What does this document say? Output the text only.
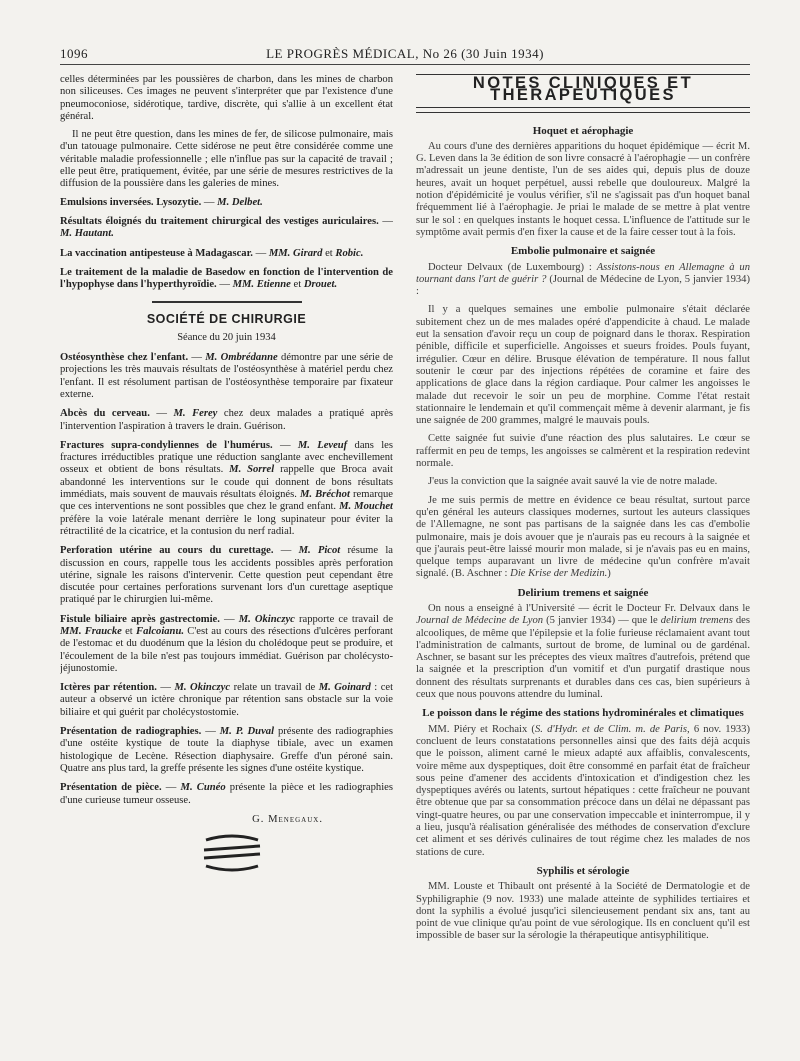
1096	LE PROGRÈS MÉDICAL, No 26 (30 Juin 1934)

celles déterminées par les poussières de charbon, dans les mines de charbon non siliceuses. Ces images ne peuvent s'interpréter que par l'existence d'une pneumoconiose, sidérotique, tardive, discrète, qui s'allie à un excellent état général.

Il ne peut être question, dans les mines de fer, de silicose pulmonaire, mais d'un tatouage pulmonaire. Cette sidérose ne peut être considérée comme une véritable maladie professionnelle ; elle n'influe pas sur la capacité de travail ; elle peut être, pratiquement, évitée, par une série de mesures restrictives de la diffusion de la poussière dans les galeries de mines.

Emulsions inversées. Lysozytie. — M. Delbet.

Résultats éloignés du traitement chirurgical des vestiges auriculaires. — M. Hautant.

La vaccination antipesteuse à Madagascar. — MM. Girard et Robic.

Le traitement de la maladie de Basedow en fonction de l'intervention de l'hypophyse dans l'hyperthyroïdie. — MM. Etienne et Drouet.

SOCIÉTÉ DE CHIRURGIE
Séance du 20 juin 1934

Ostéosynthèse chez l'enfant. — M. Ombrédanne démontre par une série de projections les très mauvais résultats de l'ostéosynthèse à matériel perdu chez l'enfant. Il est résolument partisan de l'ostéosynthèse temporaire par fixateur externe.

Abcès du cerveau. — M. Ferey chez deux malades a pratiqué après l'intervention l'aspiration à travers le drain. Guérison.

Fractures supra-condyliennes de l'humérus. — M. Leveuf dans les fractures irréductibles pratique une réduction sanglante avec enchevillement osseux et obtient de bons résultats. M. Sorrel rappelle que Broca avait abandonné les interventions sur le coude qui donnent de bons résultats immédiats, mais souvent de mauvais résultats éloignés. M. Bréchot remarque que ces interventions ne sont possibles que chez le grand enfant. M. Mouchet préfère la voie latérale menant derrière le long supinateur pour éviter la rétractilité de la cicatrice, et la contusion du nerf radial.

Perforation utérine au cours du curettage. — M. Picot résume la discussion en cours, rappelle tous les accidents possibles après perforation utérine, signale les raisons d'intervenir. Cette question peut cependant être discutée pour certaines perforations survenant lors d'un curettage aseptique pratiqué par le chirurgien lui-même.

Fistule biliaire après gastrectomie. — M. Okinczyc rapporte ce travail de MM. Fraucke et Falcoianu. C'est au cours des résections d'ulcères perforant de l'estomac et du duodénum que la lésion du cholédoque peut se produire, et l'écoulement de la bile n'est pas toujours immédiat. Guérison par cholécysto-jéjunostomie.

Ictères par rétention. — M. Okinczyc relate un travail de M. Goinard : cet auteur a observé un ictère chronique par rétention sans obstacle sur la voie biliaire et qui guérit par cholécystostomie.

Présentation de radiographies. — M. P. Duval présente des radiographies d'une ostéite kystique de toute la diaphyse tibiale, avec un examen histologique de Lecène. Résection diaphysaire. Greffe d'un péroné sain. Quatre ans plus tard, la greffe présente les signes d'une ostéite kystique.

Présentation de pièce. — M. Cunéo présente la pièce et les radiographies d'une curieuse tumeur osseuse.

G. Menegaux.
NOTES CLINIQUES ET THÉRAPEUTIQUES
Hoquet et aérophagie

Au cours d'une des dernières apparitions du hoquet épidémique — écrit M. G. Leven dans la 3e édition de son livre consacré à l'aérophagie — un confrère m'adressait un jeune dentiste, l'un de ses aides qui, depuis plus de douze heures, avait un hoquet perpétuel, aussi rebelle que douloureux. Malgré la notion d'épidémicité je voulus vérifier, s'il ne s'agissait pas d'un hoquet banal fréquemment lié à l'aérophagie. Je priai le malade de se mettre à plat ventre sur le sol : en quelques instants le hoquet cessa. L'influence de l'attitude sur le symptôme avait permis d'en fixer la cause et de la faire cesser tout à la fois.

Embolie pulmonaire et saignée

Docteur Delvaux (de Luxembourg) : Assistons-nous en Allemagne à un tournant dans l'art de guérir ? (Journal de Médecine de Lyon, 5 janvier 1934) :

Il y a quelques semaines une embolie pulmonaire s'était déclarée subitement chez un de mes malades opéré d'appendicite à chaud. Le malade eut la sensation d'avoir reçu un coup de poignard dans le thorax. Respiration pénible, difficile et superficielle. Angoisses et sueurs froides. Pouls fuyant, irrégulier. Cœur en délire. Brusque élévation de température. Il nous fallut soutenir le cœur par des injections répétées de coramine et faire des applications de glace dans la région cardiaque. Pour calmer les angoisses le malade dut recevoir le soir un peu de morphine. Comme l'état restait stationnaire le lendemain et qu'il commençait même à devenir alarmant, je fis une saignée de 200 grammes, malgré le mauvais pouls.

Cette saignée fut suivie d'une réaction des plus salutaires. Le cœur se raffermit en peu de temps, les angoisses se calmèrent et la respiration redevint normale.

J'eus la conviction que la saignée avait sauvé la vie de notre malade.

Je me suis permis de mettre en évidence ce beau résultat, surtout parce qu'en général les auteurs classiques modernes, surtout les auteurs classiques de l'Allemagne, ne sont pas partisans de la saignée dans les cas d'embolie pulmonaire, mais je dois avouer que je n'aurais pas eu recours à la saignée et que j'aurais peut-être laissé mourir mon malade, si je n'avais pas eu en mains, quelque temps auparavant un livre de médecine qu'un confrère m'avait signalé. (B. Aschner : Die Krise der Medizin.)

Delirium tremens et saignée

On nous a enseigné à l'Université — écrit le Docteur Fr. Delvaux dans le Journal de Médecine de Lyon (5 janvier 1934) — que le delirium tremens des alcooliques, de même que l'épilepsie et la folie furieuse réclamaient avant tout l'administration de calmants, surtout de brome, de luminal ou de gardénal. Aschner, se basant sur les préceptes des vieux maîtres d'autrefois, prétend que la saignée et la prescription d'un vomitif et d'un purgatif drastique nous donnent des résultats surprenants et durables dans ces cas, bien supérieurs à ceux que nous pouvons attendre du luminal.

Le poisson dans le régime des stations hydrominérales et climatiques

MM. Piéry et Rochaix (S. d'Hydr. et de Clim. m. de Paris, 6 nov. 1933) concluent de leurs constatations personnelles ainsi que des faits déjà acquis que le poisson, aliment carné le mieux adapté aux affaiblis, convalescents, voire même aux dyspeptiques, doit être consommé en parfait état de fraîcheur sous peine d'amener des accidents d'intoxication et d'indigestion chez les dyspeptiques avérés ou latents, surtout hépatiques : cette fraîcheur ne pouvant être obtenue que par sa consommation précoce dans un délai ne dépassant pas vingt-quatre heures, ou par une conservation impeccable et ininterrompue, il y a lieu, jusqu'à réalisation généralisée des méthodes de conservation d'exclure cet aliment et ses dérivés culinaires de tout régime chez les malades de nos stations de cure.

Syphilis et sérologie

MM. Louste et Thibault ont présenté à la Société de Dermatologie et de Syphiligraphie (9 nov. 1933) une malade atteinte de syphilides tertiaires et dont la syphilis a évolué jusqu'ici silencieusement pendant six ans, tant au point de vue clinique qu'au point de vue sérologique. Ils en concluent qu'il est impossible de baser sur la sérologie la thérapeutique antisyphilitique.
